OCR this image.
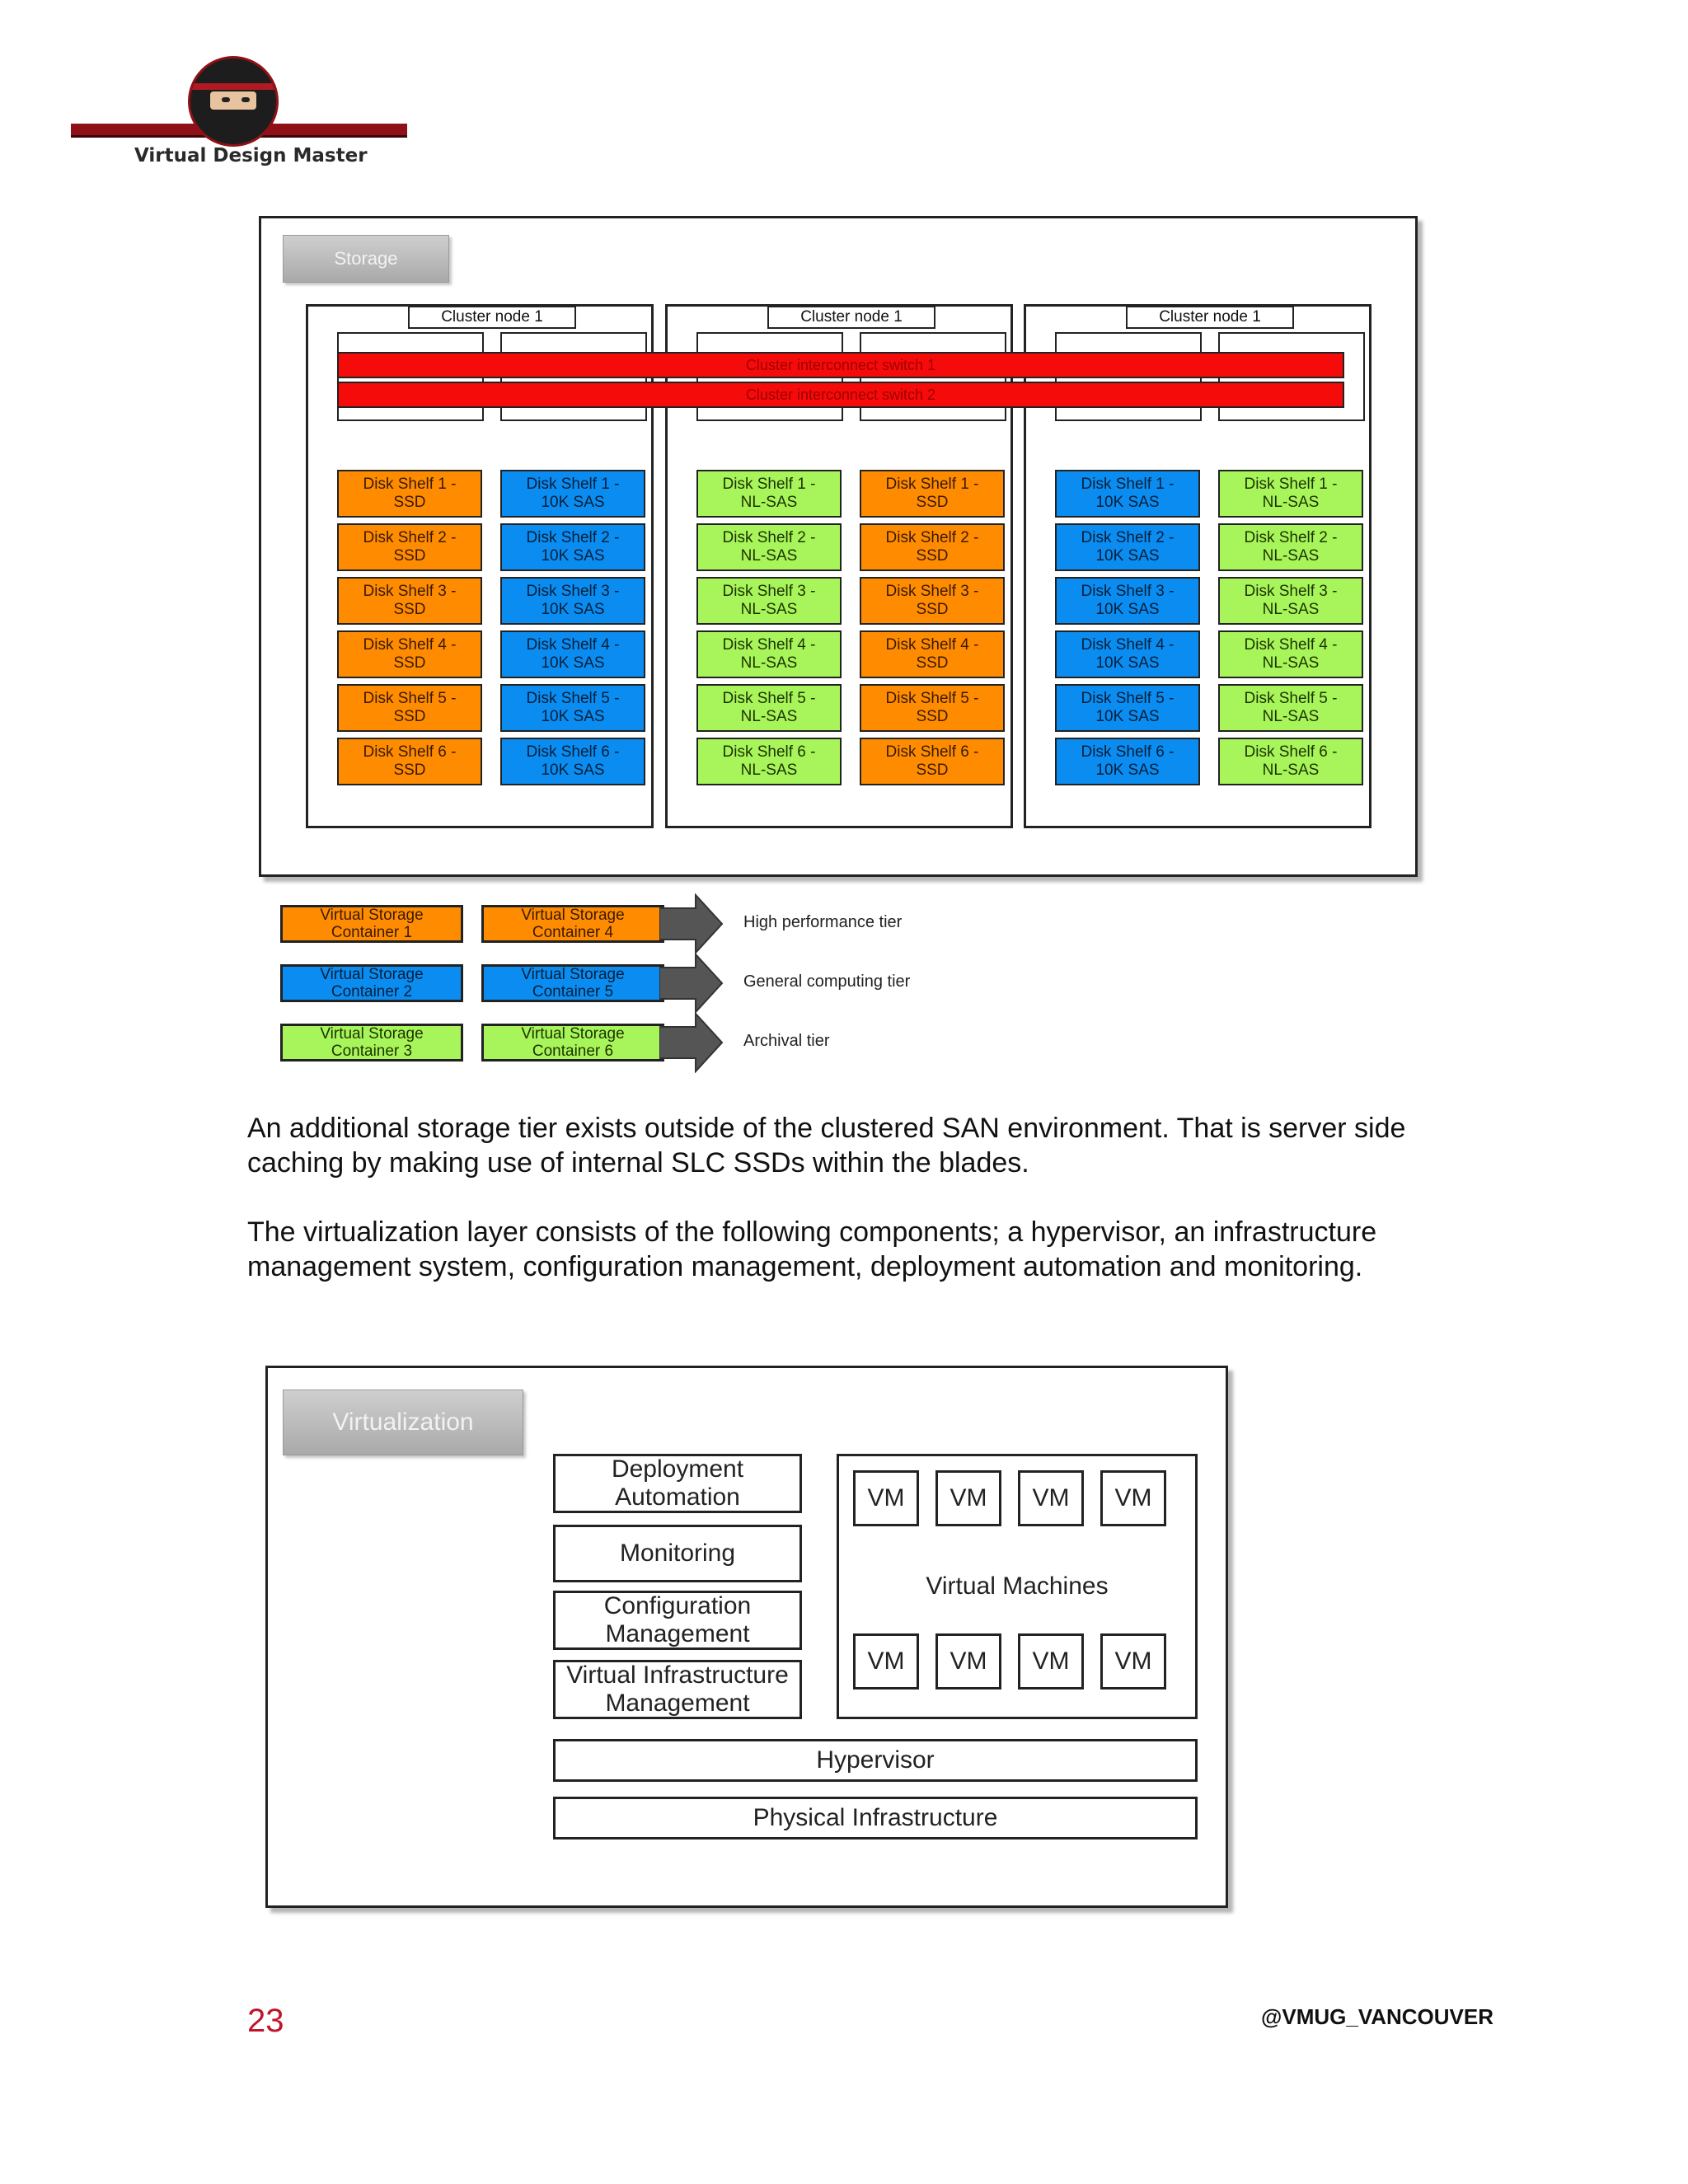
Virtual Design Master
Storage
Cluster node 1
Disk Shelf 1 -
SSD
Disk Shelf 2 -
SSD
Disk Shelf 3 -
SSD
Disk Shelf 4 -
SSD
Disk Shelf 5 -
SSD
Disk Shelf 6 -
SSD
Disk Shelf 1 -
10K SAS
Disk Shelf 2 -
10K SAS
Disk Shelf 3 -
10K SAS
Disk Shelf 4 -
10K SAS
Disk Shelf 5 -
10K SAS
Disk Shelf 6 -
10K SAS
Cluster node 1
Disk Shelf 1 -
NL-SAS
Disk Shelf 2 -
NL-SAS
Disk Shelf 3 -
NL-SAS
Disk Shelf 4 -
NL-SAS
Disk Shelf 5 -
NL-SAS
Disk Shelf 6 -
NL-SAS
Disk Shelf 1 -
SSD
Disk Shelf 2 -
SSD
Disk Shelf 3 -
SSD
Disk Shelf 4 -
SSD
Disk Shelf 5 -
SSD
Disk Shelf 6 -
SSD
Cluster node 1
Disk Shelf 1 -
10K SAS
Disk Shelf 2 -
10K SAS
Disk Shelf 3 -
10K SAS
Disk Shelf 4 -
10K SAS
Disk Shelf 5 -
10K SAS
Disk Shelf 6 -
10K SAS
Disk Shelf 1 -
NL-SAS
Disk Shelf 2 -
NL-SAS
Disk Shelf 3 -
NL-SAS
Disk Shelf 4 -
NL-SAS
Disk Shelf 5 -
NL-SAS
Disk Shelf 6 -
NL-SAS
Cluster interconnect switch 1
Cluster interconnect switch 2
Virtual Storage
Container 1
Virtual Storage
Container 4
High performance tier
Virtual Storage
Container 2
Virtual Storage
Container 5
General computing tier
Virtual Storage
Container 3
Virtual Storage
Container 6
Archival tier
An additional storage tier exists outside of the clustered SAN environment. That is server side caching by making use of internal SLC SSDs within the blades.
The virtualization layer consists of the following components; a hypervisor, an infrastructure management system, configuration management, deployment automation and monitoring.
Virtualization
Deployment
Automation
Monitoring
Configuration
Management
Virtual Infrastructure
Management
Virtual Machines
VM	VM	VM	VM
VM	VM	VM	VM
Hypervisor
Physical Infrastructure
23	@VMUG_VANCOUVER
